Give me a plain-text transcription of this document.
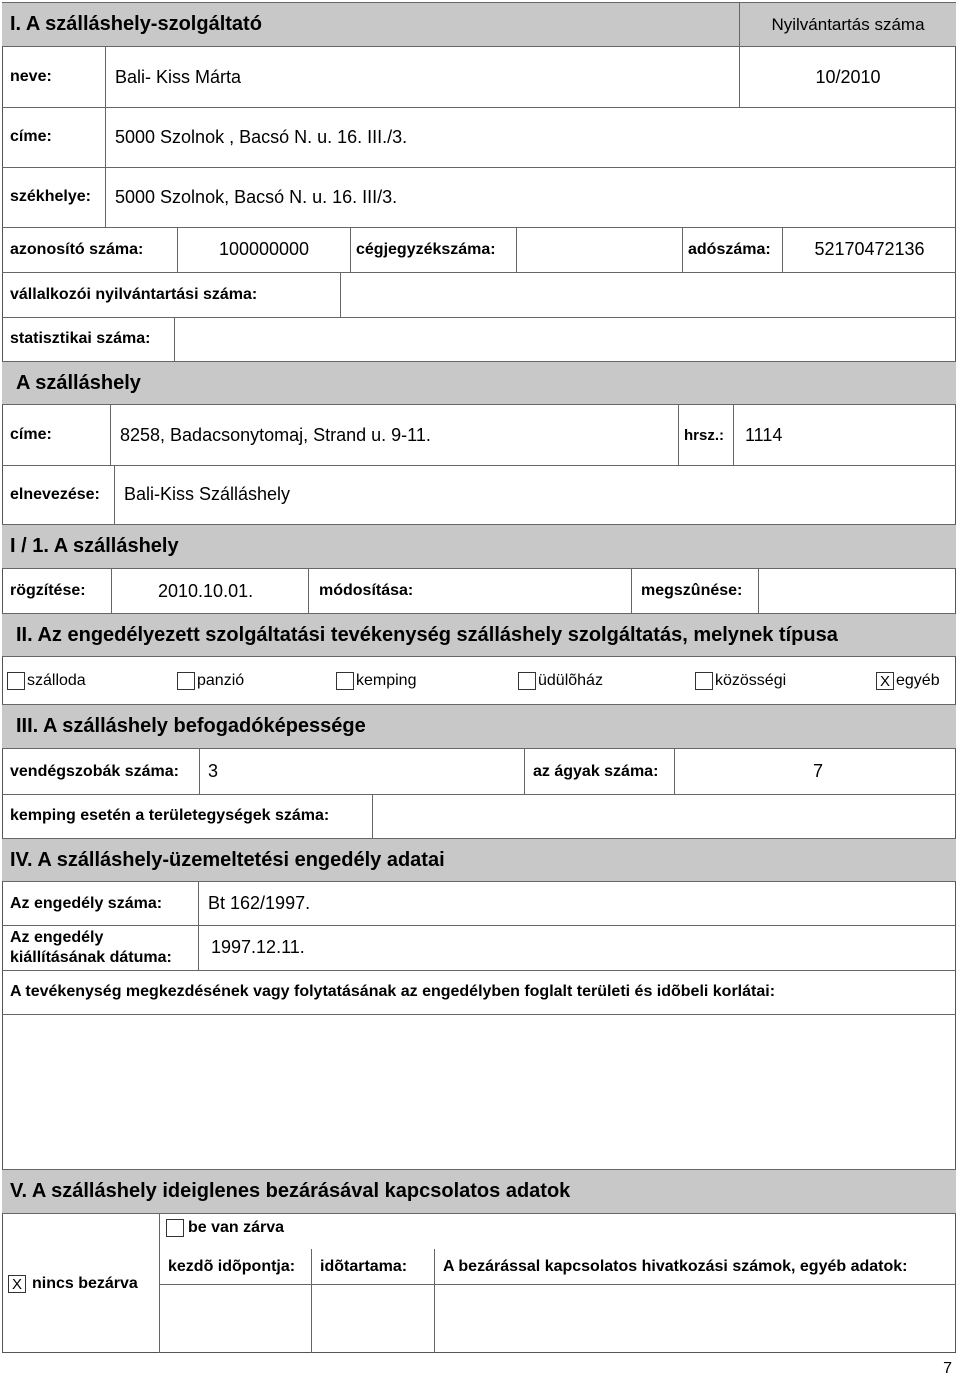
I. A szálláshely-szolgáltató	Nyilvántartás száma
neve:	Bali- Kiss Márta	10/2010
címe:	5000 Szolnok , Bacsó N. u. 16. III./3.
székhelye:	5000 Szolnok, Bacsó N. u. 16. III/3.
azonosító száma:	100000000	cégjegyzékszáma:	adószáma:	52170472136
vállalkozói nyilvántartási száma:
statisztikai száma:
A szálláshely
címe:	8258, Badacsonytomaj, Strand u. 9-11.	hrsz.:	1114
elnevezése:	Bali-Kiss Szálláshely
I / 1. A szálláshely
rögzítése:	2010.10.01.	módosítása:	megszûnése:
II. Az engedélyezett szolgáltatási tevékenység szálláshely szolgáltatás, melynek típusa
szálloda	panzió	kemping	üdülõház	közösségi	X egyéb
III. A szálláshely befogadóképessége
vendégszobák száma:	3	az ágyak száma:	7
kemping esetén a területegységek száma:
IV. A szálláshely-üzemeltetési engedély adatai
Az engedély száma:	Bt 162/1997.
Az engedély
kiállításának dátuma:	1997.12.11.
A tevékenység megkezdésének vagy folytatásának az engedélyben foglalt területi és idõbeli korlátai:
V. A szálláshely ideiglenes bezárásával kapcsolatos adatok
X nincs bezárva
be van zárva
kezdõ idõpontja:	idõtartama:	A bezárással kapcsolatos hivatkozási számok, egyéb adatok:
7
